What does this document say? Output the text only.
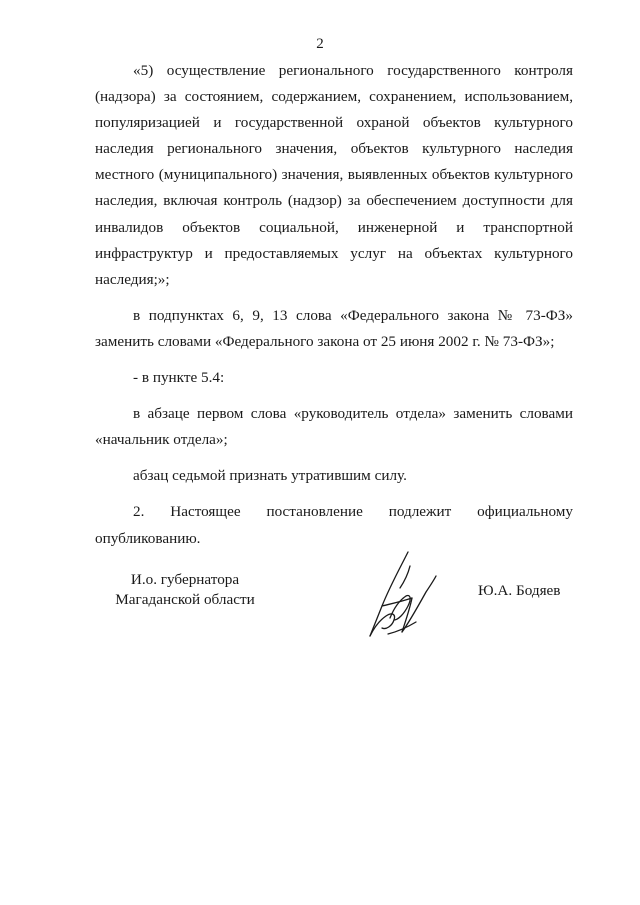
2

«5) осуществление регионального государственного контроля (надзора) за состоянием, содержанием, сохранением, использованием, популяризацией и государственной охраной объектов культурного наследия регионального значения, объектов культурного наследия местного (муниципального) значения, выявленных объектов культурного наследия, включая контроль (надзор) за обеспечением доступности для инвалидов объектов социальной, инженерной и транспортной инфраструктур и предоставляемых услуг на объектах культурного наследия;»;

в подпунктах 6, 9, 13 слова «Федерального закона № 73-ФЗ» заменить словами «Федерального закона от 25 июня 2002 г. № 73-ФЗ»;

- в пункте 5.4:

в абзаце первом слова «руководитель отдела» заменить словами «начальник отдела»;

абзац седьмой признать утратившим силу.

2. Настоящее постановление подлежит официальному опубликованию.

И.о. губернатора
Магаданской области
Ю.А. Бодяев
